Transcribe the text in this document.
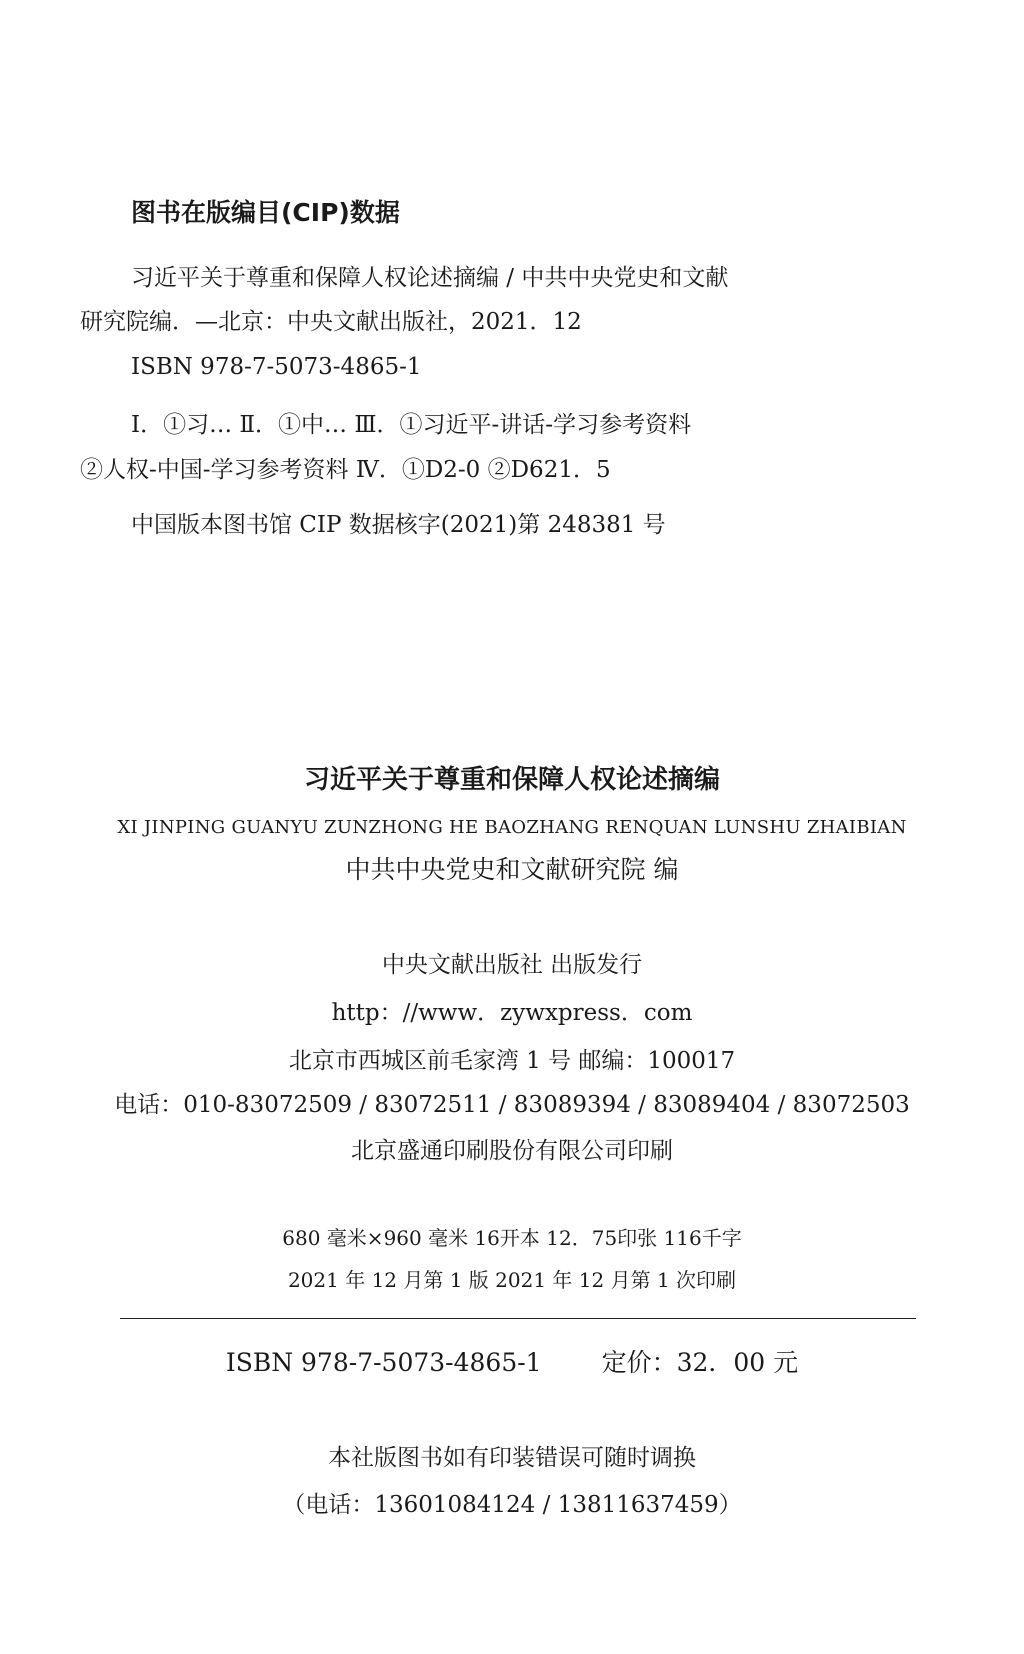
图书在版编目(CIP)数据
习近平关于尊重和保障人权论述摘编 / 中共中央党史和文献
研究院编．—北京：中央文献出版社，2021．12
ISBN 978-7-5073-4865-1
Ⅰ．①习… Ⅱ．①中… Ⅲ．①习近平-讲话-学习参考资料
②人权-中国-学习参考资料 Ⅳ．①D2-0 ②D621．5
中国版本图书馆 CIP 数据核字(2021)第 248381 号
习近平关于尊重和保障人权论述摘编
XI JINPING GUANYU ZUNZHONG HE BAOZHANG RENQUAN LUNSHU ZHAIBIAN
中共中央党史和文献研究院 编
中央文献出版社 出版发行
http：//www．zywxpress．com
北京市西城区前毛家湾 1 号 邮编：100017
电话：010-83072509 / 83072511 / 83089394 / 83089404 / 83072503
北京盛通印刷股份有限公司印刷
680 毫米×960 毫米 16开本 12．75印张 116千字
2021 年 12 月第 1 版 2021 年 12 月第 1 次印刷
ISBN 978-7-5073-4865-1 定价：32．00 元
本社版图书如有印装错误可随时调换
（电话：13601084124 / 13811637459）
